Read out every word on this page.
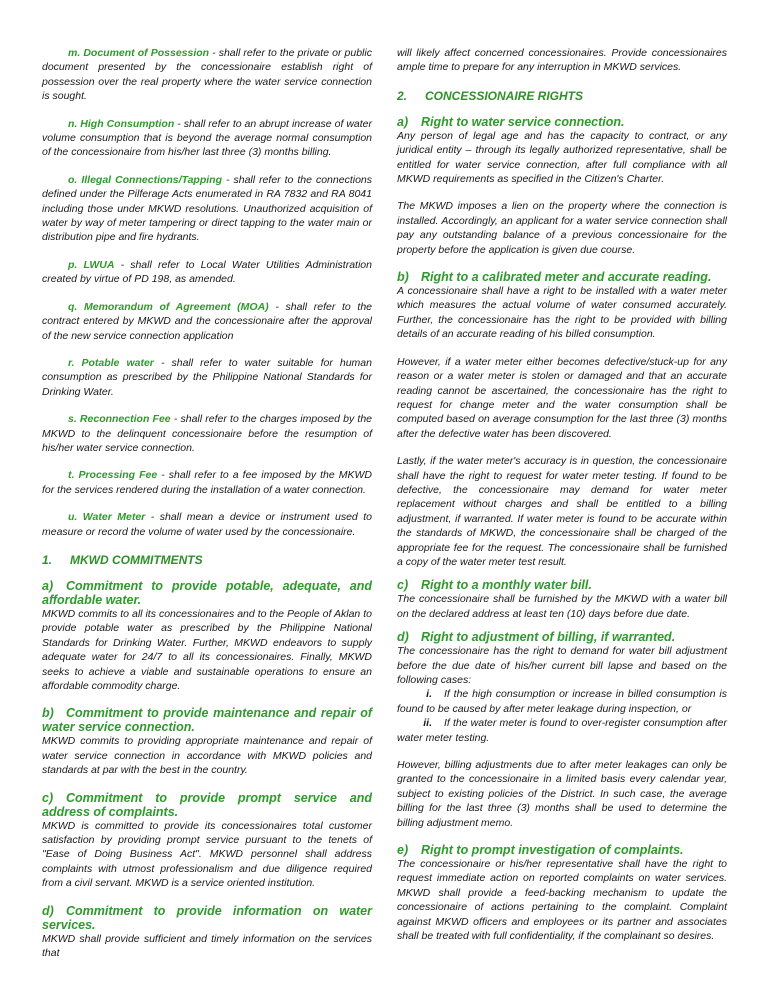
m. Document of Possession - shall refer to the private or public document presented by the concessionaire establish right of possession over the real property where the water service connection is sought.

n. High Consumption - shall refer to an abrupt increase of water volume consumption that is beyond the average normal consumption of the concessionaire from his/her last three (3) months billing.

o. Illegal Connections/Tapping - shall refer to the connections defined under the Pilferage Acts enumerated in RA 7832 and RA 8041 including those under MKWD resolutions. Unauthorized acquisition of water by way of meter tampering or direct tapping to the water main or distribution pipe and fire hydrants.

p. LWUA - shall refer to Local Water Utilities Administration created by virtue of PD 198, as amended.

q. Memorandum of Agreement (MOA) - shall refer to the contract entered by MKWD and the concessionaire after the approval of the new service connection application

r. Potable water - shall refer to water suitable for human consumption as prescribed by the Philippine National Standards for Drinking Water.

s. Reconnection Fee - shall refer to the charges imposed by the MKWD to the delinquent concessionaire before the resumption of his/her water service connection.

t. Processing Fee - shall refer to a fee imposed by the MKWD for the services rendered during the installation of a water connection.

u. Water Meter - shall mean a device or instrument used to measure or record the volume of water used by the concessionaire.

1. MKWD COMMITMENTS

a) Commitment to provide potable, adequate, and affordable water.

MKWD commits to all its concessionaires and to the People of Aklan to provide potable water as prescribed by the Philippine National Standards for Drinking Water. Further, MKWD endeavors to supply adequate water for 24/7 to all its concessionaires. Finally, MKWD seeks to achieve a viable and sustainable operations to ensure an affordable commodity charge.

b) Commitment to provide maintenance and repair of water service connection.

MKWD commits to providing appropriate maintenance and repair of water service connection in accordance with MKWD policies and standards at par with the best in the country.

c) Commitment to provide prompt service and address of complaints.

MKWD is committed to provide its concessionaires total customer satisfaction by providing prompt service pursuant to the tenets of "Ease of Doing Business Act". MKWD personnel shall address complaints with utmost professionalism and due diligence required from a civil servant. MKWD is a service oriented institution.

d) Commitment to provide information on water services.

MKWD shall provide sufficient and timely information on the services that

will likely affect concerned concessionaires. Provide concessionaires ample time to prepare for any interruption in MKWD services.

2. CONCESSIONAIRE RIGHTS

a) Right to water service connection.

Any person of legal age and has the capacity to contract, or any juridical entity – through its legally authorized representative, shall be entitled for water service connection, after full compliance with all MKWD requirements as specified in the Citizen's Charter.

The MKWD imposes a lien on the property where the connection is installed. Accordingly, an applicant for a water service connection shall pay any outstanding balance of a previous concessionaire for the property before the application is given due course.

b) Right to a calibrated meter and accurate reading.

A concessionaire shall have a right to be installed with a water meter which measures the actual volume of water consumed accurately. Further, the concessionaire has the right to be provided with billing details of an accurate reading of his billed consumption.

However, if a water meter either becomes defective/stuck-up for any reason or a water meter is stolen or damaged and that an accurate reading cannot be ascertained, the concessionaire has the right to request for change meter and the water consumption shall be computed based on average consumption for the last three (3) months after the defective water has been discovered.

Lastly, if the water meter's accuracy is in question, the concessionaire shall have the right to request for water meter testing. If found to be defective, the concessionaire may demand for water meter replacement without charges and shall be entitled to a billing adjustment, if warranted. If water meter is found to be accurate within the standards of MKWD, the concessionaire shall be charged of the appropriate fee for the request. The concessionaire shall be furnished a copy of the water meter test result.

c) Right to a monthly water bill.

The concessionaire shall be furnished by the MKWD with a water bill on the declared address at least ten (10) days before due date.

d) Right to adjustment of billing, if warranted.

The concessionaire has the right to demand for water bill adjustment before the due date of his/her current bill lapse and based on the following cases:

i. If the high consumption or increase in billed consumption is found to be caused by after meter leakage during inspection, or

ii. If the water meter is found to over-register consumption after water meter testing.

However, billing adjustments due to after meter leakages can only be granted to the concessionaire in a limited basis every calendar year, subject to existing policies of the District. In such case, the average billing for the last three (3) months shall be used to determine the billing adjustment memo.

e) Right to prompt investigation of complaints.

The concessionaire or his/her representative shall have the right to request immediate action on reported complaints on water services. MKWD shall provide a feed-backing mechanism to update the concessionaire of actions pertaining to the complaint. Complaint against MKWD officers and employees or its partner and associates shall be treated with full confidentiality, if the complainant so desires.
